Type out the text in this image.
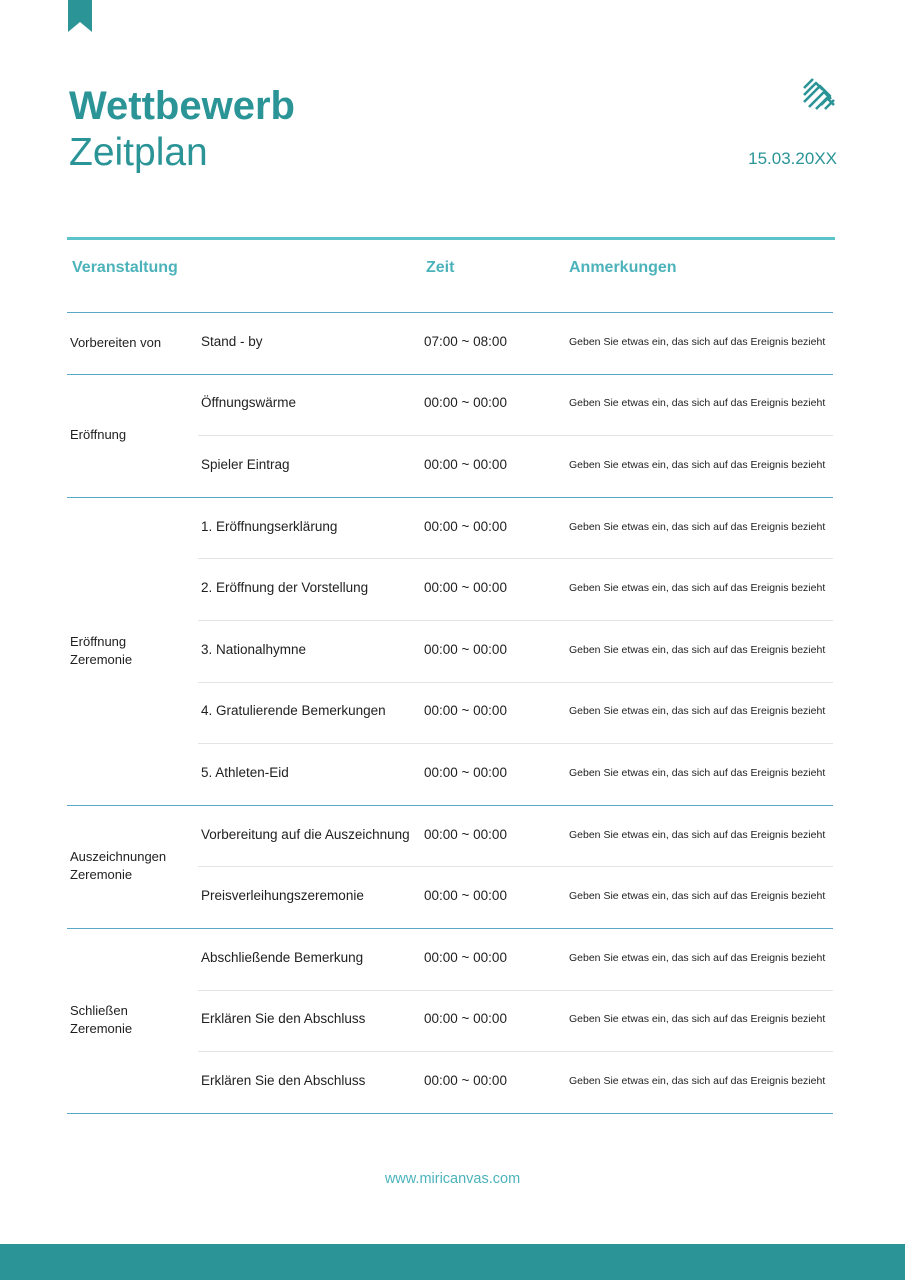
Wettbewerb
Zeitplan	15.03.20XX
Veranstaltung	Zeit	Anmerkungen
Vorbereiten von	Stand - by	07:00 ~ 08:00	Geben Sie etwas ein, das sich auf das Ereignis bezieht
Eröffnung
Öffnungswärme	00:00 ~ 00:00	Geben Sie etwas ein, das sich auf das Ereignis bezieht
Spieler Eintrag	00:00 ~ 00:00	Geben Sie etwas ein, das sich auf das Ereignis bezieht
Eröffnung
Zeremonie
1. Eröffnungserklärung	00:00 ~ 00:00	Geben Sie etwas ein, das sich auf das Ereignis bezieht
2. Eröffnung der Vorstellung	00:00 ~ 00:00	Geben Sie etwas ein, das sich auf das Ereignis bezieht
3. Nationalhymne	00:00 ~ 00:00	Geben Sie etwas ein, das sich auf das Ereignis bezieht
4. Gratulierende Bemerkungen	00:00 ~ 00:00	Geben Sie etwas ein, das sich auf das Ereignis bezieht
5. Athleten-Eid	00:00 ~ 00:00	Geben Sie etwas ein, das sich auf das Ereignis bezieht
Auszeichnungen
Zeremonie
Vorbereitung auf die Auszeichnung 00:00 ~ 00:00	Geben Sie etwas ein, das sich auf das Ereignis bezieht
Preisverleihungszeremonie	00:00 ~ 00:00	Geben Sie etwas ein, das sich auf das Ereignis bezieht
Schließen
Zeremonie
Abschließende Bemerkung	00:00 ~ 00:00	Geben Sie etwas ein, das sich auf das Ereignis bezieht
Erklären Sie den Abschluss	00:00 ~ 00:00	Geben Sie etwas ein, das sich auf das Ereignis bezieht
Erklären Sie den Abschluss	00:00 ~ 00:00	Geben Sie etwas ein, das sich auf das Ereignis bezieht
www.miricanvas.com
